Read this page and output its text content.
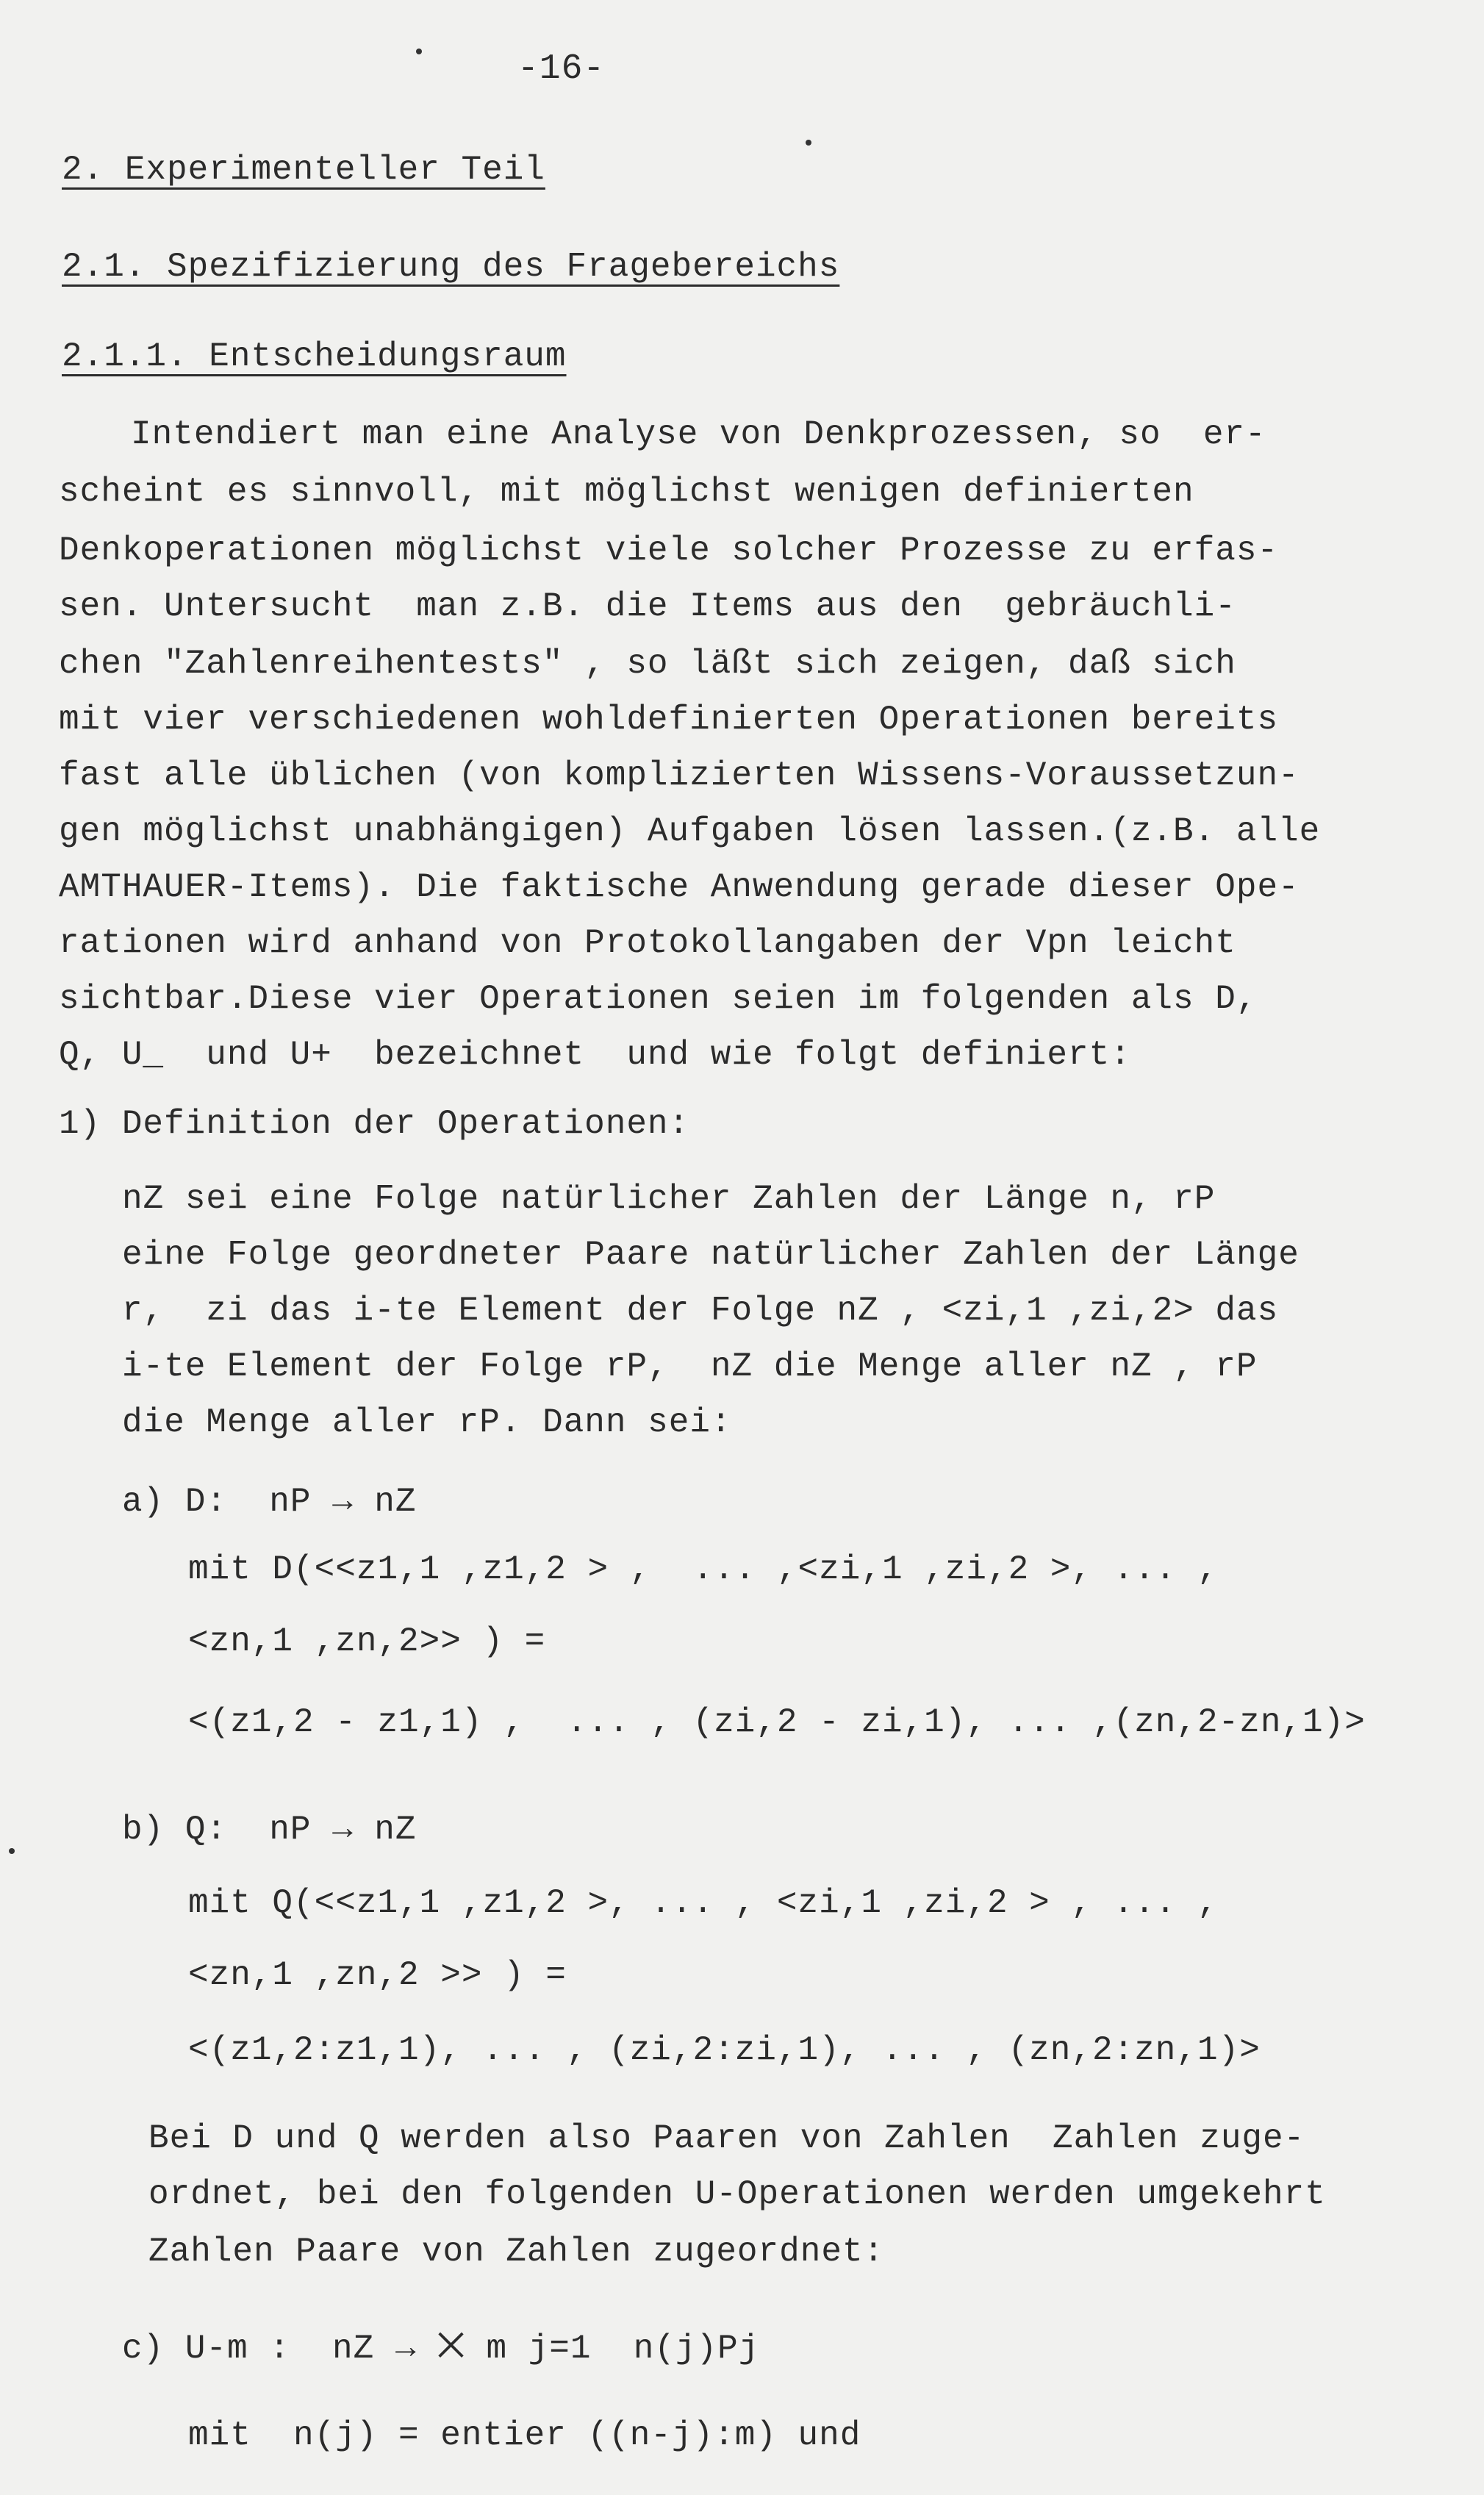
-16-
2. Experimenteller Teil
2.1. Spezifizierung des Fragebereichs
2.1.1. Entscheidungsraum
Intendiert man eine Analyse von Denkprozessen, so  er-
scheint es sinnvoll, mit möglichst wenigen definierten
Denkoperationen möglichst viele solcher Prozesse zu erfas-
sen. Untersucht  man z.B. die Items aus den  gebräuchli-
chen "Zahlenreihentests" , so läßt sich zeigen, daß sich
mit vier verschiedenen wohldefinierten Operationen bereits
fast alle üblichen (von komplizierten Wissens-Voraussetzun-
gen möglichst unabhängigen) Aufgaben lösen lassen.(z.B. alle
AMTHAUER-Items). Die faktische Anwendung gerade dieser Ope-
rationen wird anhand von Protokollangaben der Vpn leicht
sichtbar.Diese vier Operationen seien im folgenden als D,
Q, U_  und U+  bezeichnet  und wie folgt definiert:
1) Definition der Operationen:
nZ sei eine Folge natürlicher Zahlen der Länge n, rP
eine Folge geordneter Paare natürlicher Zahlen der Länge
r,  zi das i-te Element der Folge nZ , <zi,1 ,zi,2> das
i-te Element der Folge rP,  nZ die Menge aller nZ , rP
die Menge aller rP. Dann sei:
a) D:  nP → nZ
mit D(<<z1,1 ,z1,2 > ,  ... ,<zi,1 ,zi,2 >, ... ,
<zn,1 ,zn,2>> ) =
<(z1,2 - z1,1) ,  ... , (zi,2 - zi,1), ... ,(zn,2-zn,1)>
b) Q:  nP → nZ
mit Q(<<z1,1 ,z1,2 >, ... , <zi,1 ,zi,2 > , ... ,
<zn,1 ,zn,2 >> ) =
<(z1,2:z1,1), ... , (zi,2:zi,1), ... , (zn,2:zn,1)>
Bei D und Q werden also Paaren von Zahlen  Zahlen zuge-
ordnet, bei den folgenden U-Operationen werden umgekehrt
Zahlen Paare von Zahlen zugeordnet:
c) U-m :  nZ → ⨉ m j=1  n(j)Pj
mit  n(j) = entier ((n-j):m) und
